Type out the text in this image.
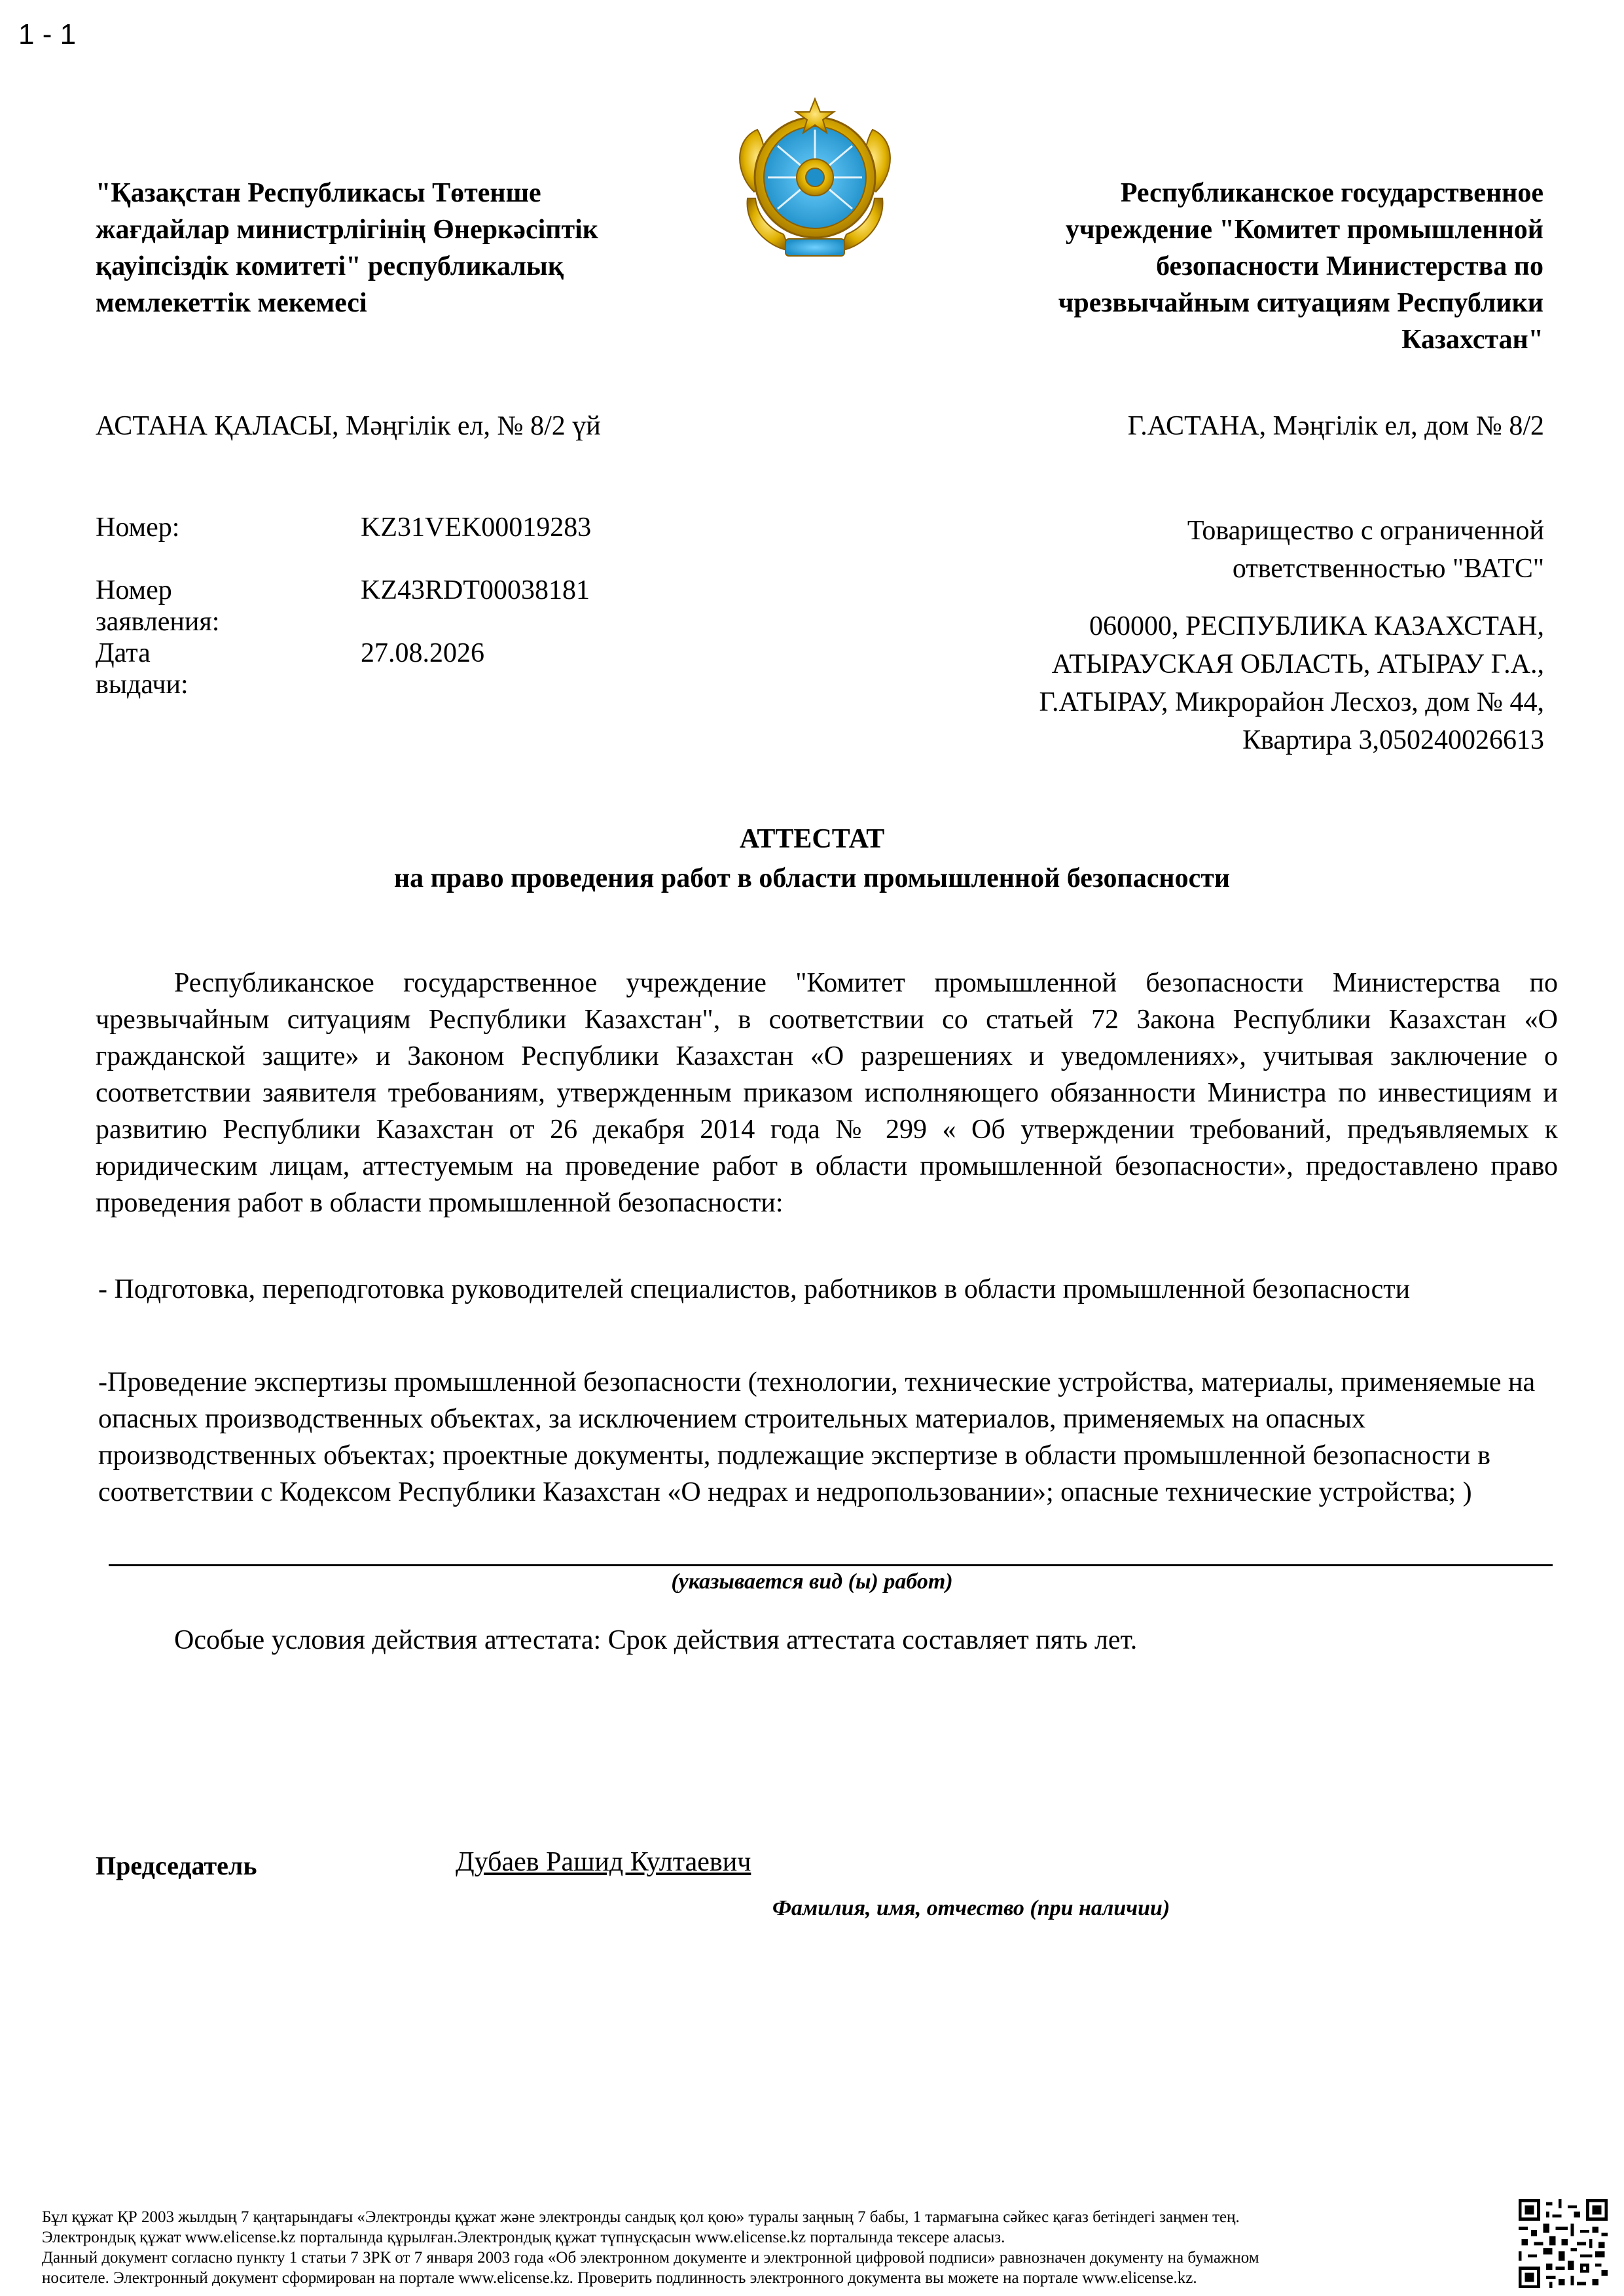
1 - 1
"Қазақстан Республикасы Төтенше
жағдайлар министрлігінің Өнеркәсіптік
қауіпсіздік комитеті" республикалық
мемлекеттік мекемесі
Республиканское государственное
учреждение "Комитет промышленной
безопасности Министерства по
чрезвычайным ситуациям Республики
Казахстан"
АСТАНА ҚАЛАСЫ, Мәңгілік ел, № 8/2 үй	Г.АСТАНА, Мәңгілік ел, дом № 8/2
Номер:	KZ31VEK00019283
Номер заявления:
KZ43RDT00038181
Дата выдачи:
27.08.2026
Товарищество с ограниченной
ответственностью "ВАТС"
060000, РЕСПУБЛИКА КАЗАХСТАН,
АТЫРАУСКАЯ ОБЛАСТЬ, АТЫРАУ Г.А.,
Г.АТЫРАУ, Микрорайон Лесхоз, дом № 44,
Квартира 3,050240026613
АТТЕСТАТ
на право проведения работ в области промышленной безопасности
Республиканское государственное учреждение "Комитет промышленной безопасности Министерства по чрезвычайным ситуациям Республики Казахстан", в соответствии со статьей 72 Закона Республики Казахстан «О гражданской защите» и Законом Республики Казахстан «О разрешениях и уведомлениях», учитывая заключение о соответствии заявителя требованиям, утвержденным приказом исполняющего обязанности Министра по инвестициям и развитию Республики Казахстан от 26 декабря 2014 года № 299 « Об утверждении требований, предъявляемых к юридическим лицам, аттестуемым на проведение работ в области промышленной безопасности», предоставлено право проведения работ в области промышленной безопасности:
- Подготовка, переподготовка руководителей специалистов, работников в области промышленной безопасности
-Проведение экспертизы промышленной безопасности (технологии, технические устройства, материалы, применяемые на опасных производственных объектах, за исключением строительных материалов, применяемых на опасных производственных объектах; проектные документы, подлежащие экспертизе в области промышленной безопасности в соответствии с Кодексом Республики Казахстан «О недрах и недропользовании»; опасные технические устройства; )
(указывается вид (ы) работ)
Особые условия действия аттестата: Срок действия аттестата составляет пять лет.
Председатель	Дубаев Рашид Култаевич
Фамилия, имя, отчество (при наличии)
Бұл құжат ҚР 2003 жылдың 7 қаңтарындағы «Электронды құжат және электронды сандық қол қою» туралы заңның 7 бабы, 1 тармағына сәйкес қағаз бетіндегі заңмен тең.
Электрондық құжат www.elicense.kz порталында құрылған.Электрондық құжат түпнұсқасын www.elicense.kz порталында тексере аласыз.
Данный документ согласно пункту 1 статьи 7 ЗРК от 7 января 2003 года «Об электронном документе и электронной цифровой подписи» равнозначен документу на бумажном
носителе. Электронный документ сформирован на портале www.elicense.kz. Проверить подлинность электронного документа вы можете на портале www.elicense.kz.
